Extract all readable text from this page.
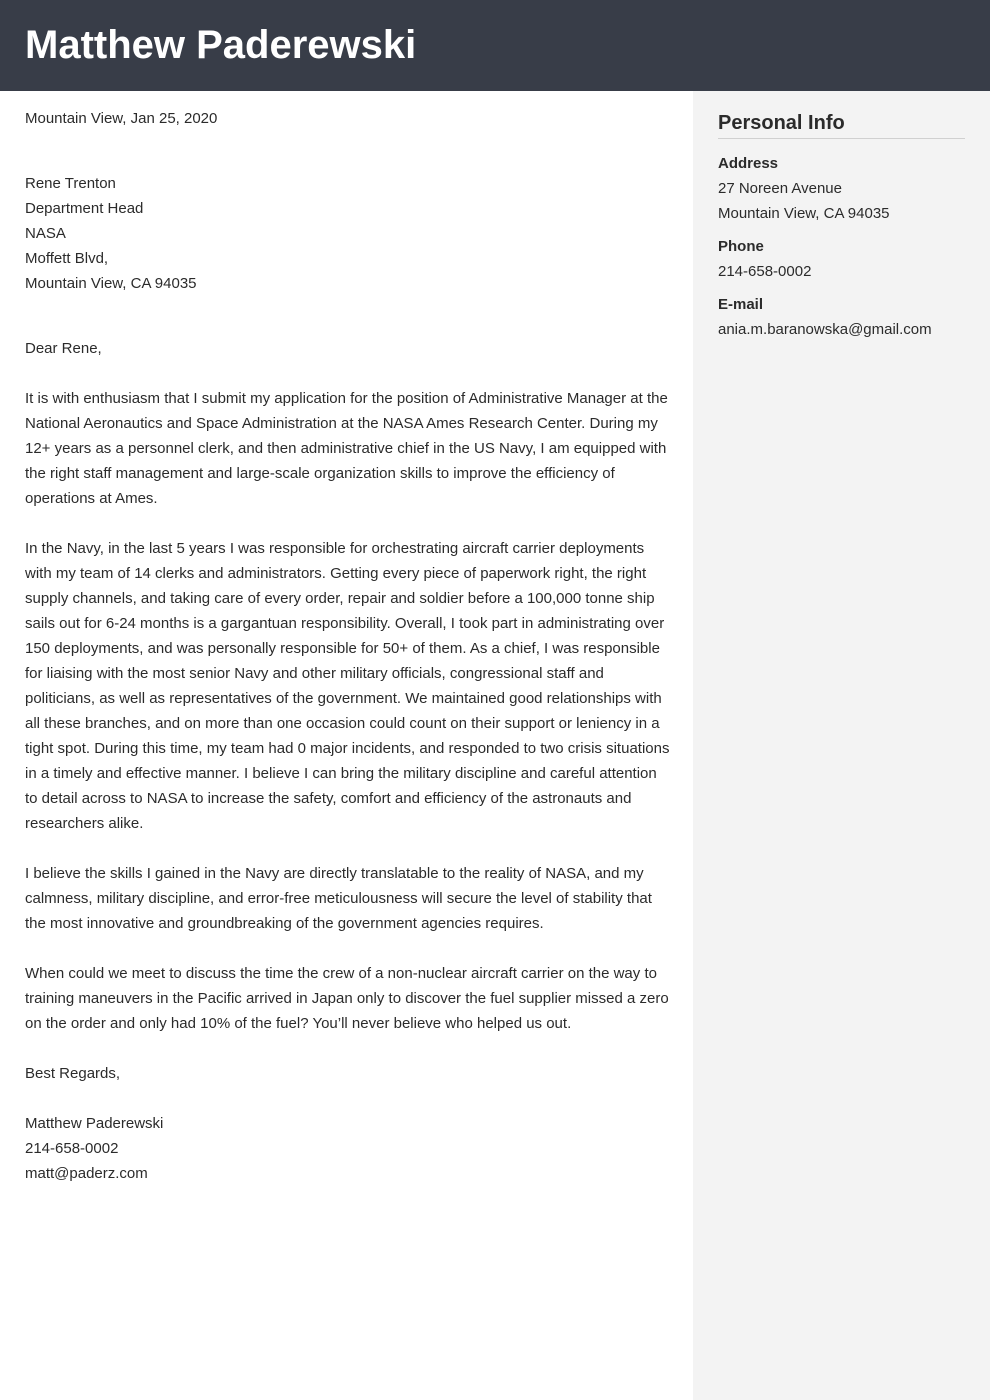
Matthew Paderewski

Mountain View, Jan 25, 2020

Rene Trenton
Department Head
NASA
Moffett Blvd,
Mountain View, CA 94035

Dear Rene,

It is with enthusiasm that I submit my application for the position of Administrative Manager at the National Aeronautics and Space Administration at the NASA Ames Research Center. During my 12+ years as a personnel clerk, and then administrative chief in the US Navy, I am equipped with the right staff management and large-scale organization skills to improve the efficiency of operations at Ames.

In the Navy, in the last 5 years I was responsible for orchestrating aircraft carrier deployments with my team of 14 clerks and administrators. Getting every piece of paperwork right, the right supply channels, and taking care of every order, repair and soldier before a 100,000 tonne ship sails out for 6-24 months is a gargantuan responsibility. Overall, I took part in administrating over 150 deployments, and was personally responsible for 50+ of them. As a chief, I was responsible for liaising with the most senior Navy and other military officials, congressional staff and politicians, as well as representatives of the government. We maintained good relationships with all these branches, and on more than one occasion could count on their support or leniency in a tight spot. During this time, my team had 0 major incidents, and responded to two crisis situations in a timely and effective manner. I believe I can bring the military discipline and careful attention to detail across to NASA to increase the safety, comfort and efficiency of the astronauts and researchers alike.

I believe the skills I gained in the Navy are directly translatable to the reality of NASA, and my calmness, military discipline, and error-free meticulousness will secure the level of stability that the most innovative and groundbreaking of the government agencies requires.

When could we meet to discuss the time the crew of a non-nuclear aircraft carrier on the way to training maneuvers in the Pacific arrived in Japan only to discover the fuel supplier missed a zero on the order and only had 10% of the fuel? You’ll never believe who helped us out.

Best Regards,

Matthew Paderewski
214-658-0002
matt@paderz.com
Personal Info
Address
27 Noreen Avenue
Mountain View, CA 94035
Phone
214-658-0002
E-mail
ania.m.baranowska@gmail.com
